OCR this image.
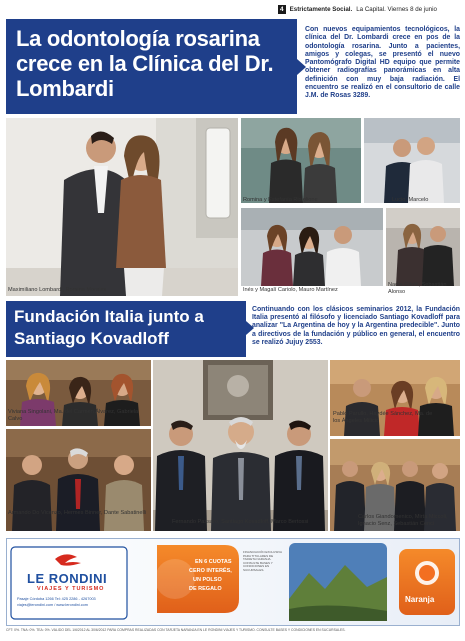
4 Estrictamente Social. La Capital. Viernes 8 de junio
La odontología rosarina crece en la Clínica del Dr. Lombardi
Con nuevos equipamientos tecnológicos, la clínica del Dr. Lombardi crece en pos de la odontología rosarina. Junto a pacientes, amigos y colegas, se presentó el nuevo Pantomógrafo Digital HD equipo que permite obtener radiografías panorámicas en alta definición con muy baja radiación. El encuentro se realizó en el consultorio de calle J.M. de Rosas 3289.
Maximiliano Lombardi, Romina Morales
Romina y Estefanía Risiglione	Lucio, Marcelo
Inés y Magalí Cariolo, Mauro Martínez
Nadia Gilotti, Sebastián Alonso
Fundación Italia junto a Santiago Kovadloff
Continuando con los clásicos seminarios 2012, la Fundación Italia presentó al filósofo y licenciado Santiago Kovadloff para analizar "La Argentina de hoy y la Argentina predecible". Junto a directivos de la fundación y público en general, el encuentro se realizó Jujuy 2553.
Viviana Singolani, Ma. del Carmen Álvarez, Gabriela Calvo
Pablo Parullo, Haydée Sánchez, Ma. de los Ángeles Milicic
Armando Do Vicenzo, Hermes Binner, Dante Sabatinelli
Fernando Passaro, Santiago Kovadloff, Marco Bertossi
Carlos Giandomenico, Mirta Miccoli, Ignacio Senz, Sebastián Cenci
LE RONDINI
VIAJES Y TURISMO
Pasaje Córdoba 1266 Tel: 425 2286 - 4267003
viajes@lerondini.com / www.lerondini.com
EN 6 CUOTAS
CERO INTERÉS,
UN POLSO
DE REGALO
FINANCIACIÓN EXCLUSIVA PARA TITULARES DE TARJETA NARANJA. CONSULTE BASES Y CONDICIONES EN SUCURSALES.
Naranja
CFT: 0%. TNA: 0%. TEA: 0%. VÁLIDO DEL 1/6/2012 AL 30/6/2012 PARA COMPRAS REALIZADAS CON TARJETA NARANJA EN LE RONDINI VIAJES Y TURISMO. CONSULTE BASES Y CONDICIONES EN SUCURSALES.
